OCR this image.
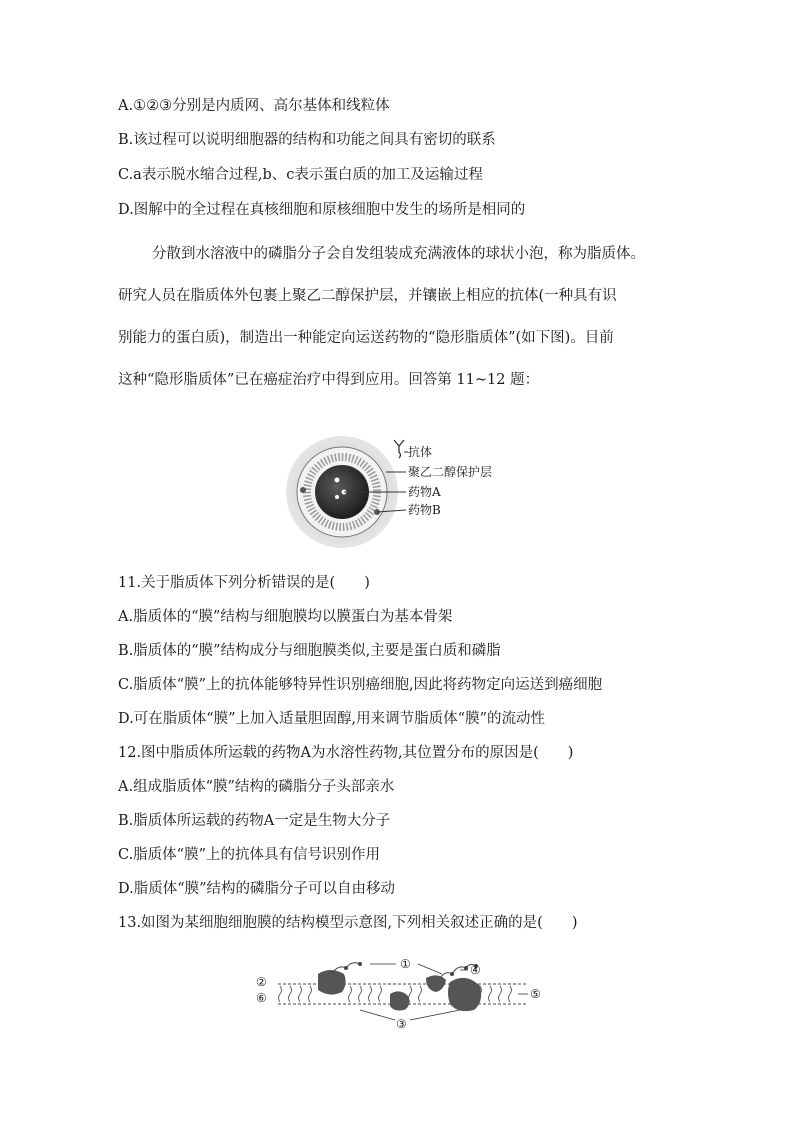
A.①②③分别是内质网、高尔基体和线粒体
B.该过程可以说明细胞器的结构和功能之间具有密切的联系
C.a表示脱水缩合过程,b、c表示蛋白质的加工及运输过程
D.图解中的全过程在真核细胞和原核细胞中发生的场所是相同的
分散到水溶液中的磷脂分子会自发组装成充满液体的球状小泡，称为脂质体。
研究人员在脂质体外包裹上聚乙二醇保护层，并镶嵌上相应的抗体(一种具有识
别能力的蛋白质)，制造出一种能定向运送药物的“隐形脂质体”(如下图)。目前
这种“隐形脂质体”已在癌症治疗中得到应用。回答第 11~12 题：
抗体
聚乙二醇保护层
药物A
药物B
11.关于脂质体下列分析错误的是(　　)
A.脂质体的“膜”结构与细胞膜均以膜蛋白为基本骨架
B.脂质体的“膜”结构成分与细胞膜类似,主要是蛋白质和磷脂
C.脂质体“膜”上的抗体能够特异性识别癌细胞,因此将药物定向运送到癌细胞
D.可在脂质体“膜”上加入适量胆固醇,用来调节脂质体“膜”的流动性
12.图中脂质体所运载的药物A为水溶性药物,其位置分布的原因是(　　)
A.组成脂质体“膜”结构的磷脂分子头部亲水
B.脂质体所运载的药物A一定是生物大分子
C.脂质体“膜”上的抗体具有信号识别作用
D.脂质体“膜”结构的磷脂分子可以自由移动
13.如图为某细胞细胞膜的结构模型示意图,下列相关叙述正确的是(　　)
①
②
③
④
⑤
⑥
